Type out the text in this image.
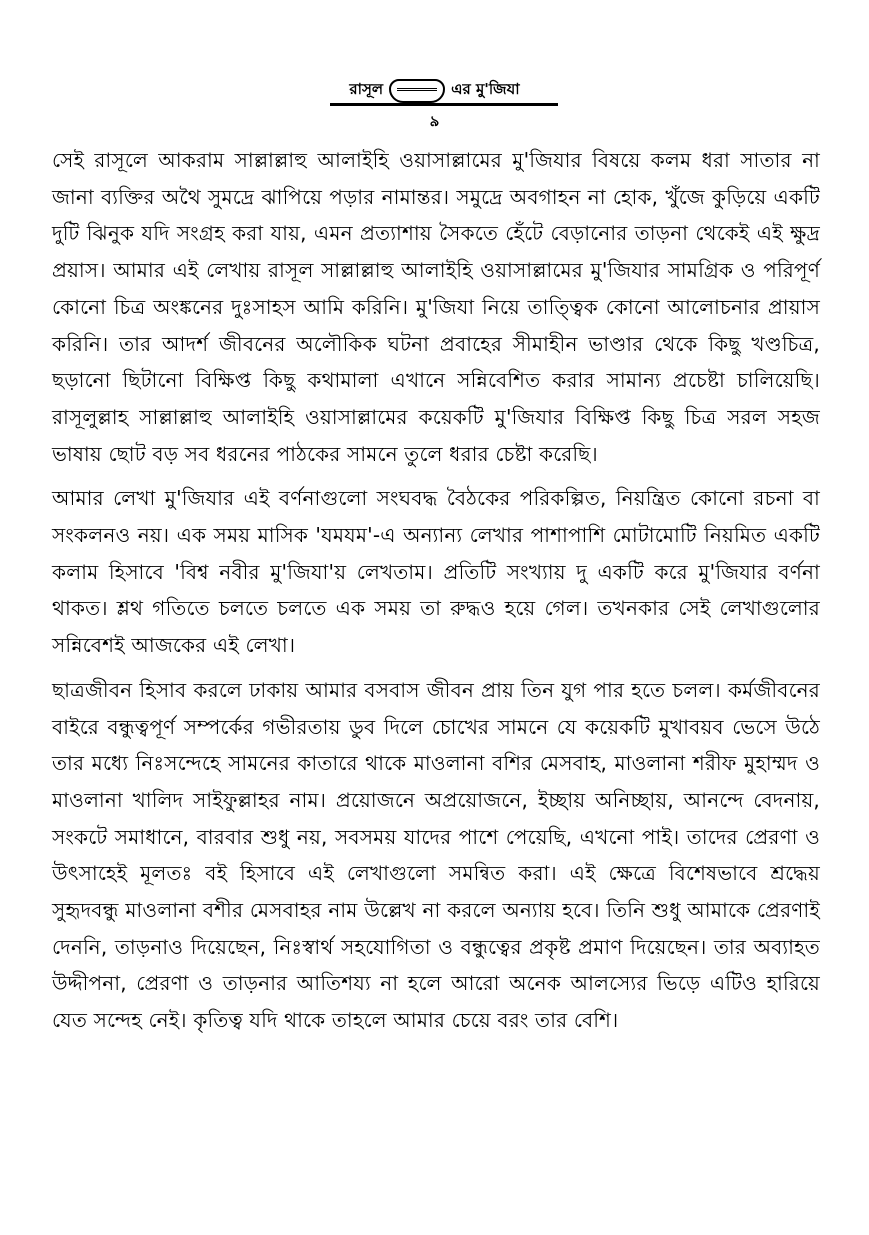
রাসূল	এর মু'জিযা
৯

সেই রাসূলে আকরাম সাল্লাল্লাহু আলাইহি ওয়াসাল্লামের মু'জিযার বিষয়ে কলম ধরা সাতার না জানা ব্যক্তির অথৈ সুমদ্রে ঝাপিয়ে পড়ার নামান্তর। সমুদ্রে অবগাহন না হোক, খুঁজে কুড়িয়ে একটি দুটি ঝিনুক যদি সংগ্রহ করা যায়, এমন প্রত্যাশায় সৈকতে হেঁটে বেড়ানোর তাড়না থেকেই এই ক্ষুদ্র প্রয়াস। আমার এই লেখায় রাসূল সাল্লাল্লাহু আলাইহি ওয়াসাল্লামের মু'জিযার সামগ্রিক ও পরিপূর্ণ কোনো চিত্র অংঙ্কনের দুঃসাহস আমি করিনি। মু'জিযা নিয়ে তাত্ত্বিক কোনো আলোচনার প্রায়াস করিনি। তার আদর্শ জীবনের অলৌকিক ঘটনা প্রবাহের সীমাহীন ভাণ্ডার থেকে কিছু খণ্ডচিত্র, ছড়ানো ছিটানো বিক্ষিপ্ত কিছু কথামালা এখানে সন্নিবেশিত করার সামান্য প্রচেষ্টা চালিয়েছি। রাসূলুল্লাহ সাল্লাল্লাহু আলাইহি ওয়াসাল্লামের কয়েকটি মু'জিযার বিক্ষিপ্ত কিছু চিত্র সরল সহজ ভাষায় ছোট বড় সব ধরনের পাঠকের সামনে তুলে ধরার চেষ্টা করেছি।

আমার লেখা মু'জিযার এই বর্ণনাগুলো সংঘবদ্ধ বৈঠকের পরিকল্পিত, নিয়ন্ত্রিত কোনো রচনা বা সংকলনও নয়। এক সময় মাসিক 'যমযম'-এ অন্যান্য লেখার পাশাপাশি মোটামোটি নিয়মিত একটি কলাম হিসাবে 'বিশ্ব নবীর মু'জিযা'য় লেখতাম। প্রতিটি সংখ্যায় দু একটি করে মু'জিযার বর্ণনা থাকত। শ্লথ গতিতে চলতে চলতে এক সময় তা রুদ্ধও হয়ে গেল। তখনকার সেই লেখাগুলোর সন্নিবেশই আজকের এই লেখা।

ছাত্রজীবন হিসাব করলে ঢাকায় আমার বসবাস জীবন প্রায় তিন যুগ পার হতে চলল। কর্মজীবনের বাইরে বন্ধুত্বপূর্ণ সম্পর্কের গভীরতায় ডুব দিলে চোখের সামনে যে কয়েকটি মুখাবয়ব ভেসে উঠে তার মধ্যে নিঃসন্দেহে সামনের কাতারে থাকে মাওলানা বশির মেসবাহ, মাওলানা শরীফ মুহাম্মদ ও মাওলানা খালিদ সাইফুল্লাহর নাম। প্রয়োজনে অপ্রয়োজনে, ইচ্ছায় অনিচ্ছায়, আনন্দে বেদনায়, সংকটে সমাধানে, বারবার শুধু নয়, সবসময় যাদের পাশে পেয়েছি, এখনো পাই। তাদের প্রেরণা ও উৎসাহেই মূলতঃ বই হিসাবে এই লেখাগুলো সমন্বিত করা। এই ক্ষেত্রে বিশেষভাবে শ্রদ্ধেয় সুহৃদবন্ধু মাওলানা বশীর মেসবাহর নাম উল্লেখ না করলে অন্যায় হবে। তিনি শুধু আমাকে প্রেরণাই দেননি, তাড়নাও দিয়েছেন, নিঃস্বার্থ সহযোগিতা ও বন্ধুত্বের প্রকৃষ্ট প্রমাণ দিয়েছেন। তার অব্যাহত উদ্দীপনা, প্রেরণা ও তাড়নার আতিশয্য না হলে আরো অনেক আলস্যের ভিড়ে এটিও হারিয়ে যেত সন্দেহ নেই। কৃতিত্ব যদি থাকে তাহলে আমার চেয়ে বরং তার বেশি।
